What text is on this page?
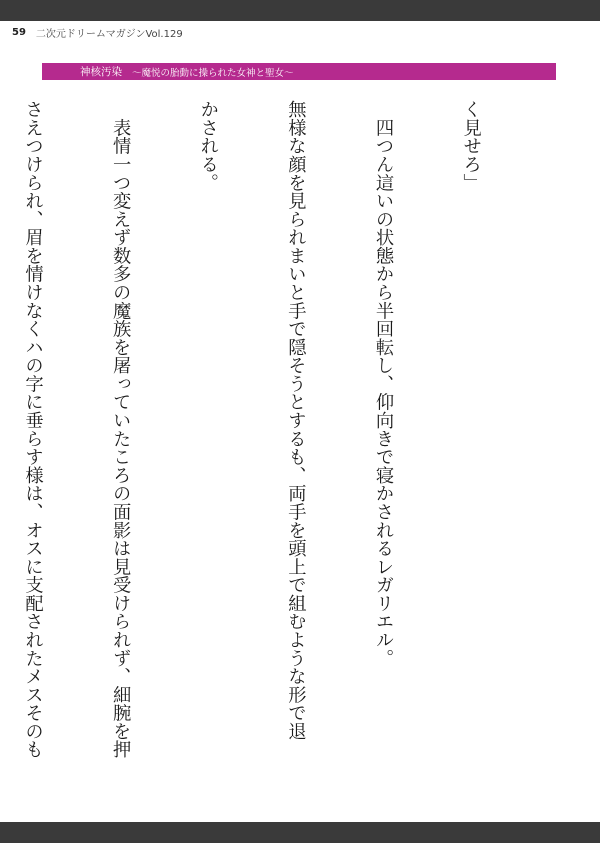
59 二次元ドリームマガジンVol.129
神核汚染 〜魔悦の胎動に操られた女神と聖女〜

く見せろ」

　四つん這いの状態から半回転し、仰向きで寝かされるレガリエル。

無様な顔を見られまいと手で隠そうとするも、両手を頭上で組むような形で退

かされる。

　表情一つ変えず数多の魔族を屠っていたころの面影は見受けられず、細腕を押

さえつけられ、眉を情けなくハの字に垂らす様は、オスに支配されたメスそのも
